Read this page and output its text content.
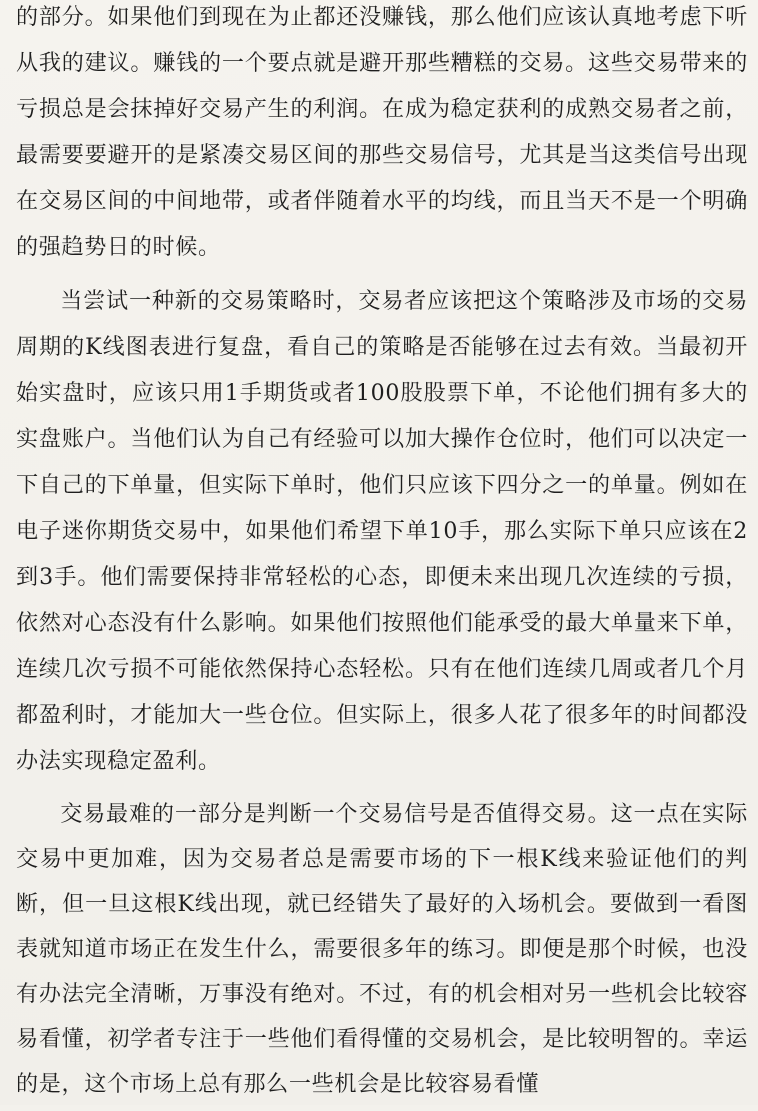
的部分。如果他们到现在为止都还没赚钱，那么他们应该认真地考虑下听从我的建议。赚钱的一个要点就是避开那些糟糕的交易。这些交易带来的亏损总是会抹掉好交易产生的利润。在成为稳定获利的成熟交易者之前，最需要要避开的是紧凑交易区间的那些交易信号，尤其是当这类信号出现在交易区间的中间地带，或者伴随着水平的均线，而且当天不是一个明确的强趋势日的时候。

当尝试一种新的交易策略时，交易者应该把这个策略涉及市场的交易周期的K线图表进行复盘，看自己的策略是否能够在过去有效。当最初开始实盘时，应该只用1手期货或者100股股票下单，不论他们拥有多大的实盘账户。当他们认为自己有经验可以加大操作仓位时，他们可以决定一下自己的下单量，但实际下单时，他们只应该下四分之一的单量。例如在电子迷你期货交易中，如果他们希望下单10手，那么实际下单只应该在2到3手。他们需要保持非常轻松的心态，即便未来出现几次连续的亏损，依然对心态没有什么影响。如果他们按照他们能承受的最大单量来下单，连续几次亏损不可能依然保持心态轻松。只有在他们连续几周或者几个月都盈利时，才能加大一些仓位。但实际上，很多人花了很多年的时间都没办法实现稳定盈利。

交易最难的一部分是判断一个交易信号是否值得交易。这一点在实际交易中更加难，因为交易者总是需要市场的下一根K线来验证他们的判断，但一旦这根K线出现，就已经错失了最好的入场机会。要做到一看图表就知道市场正在发生什么，需要很多年的练习。即便是那个时候，也没有办法完全清晰，万事没有绝对。不过，有的机会相对另一些机会比较容易看懂，初学者专注于一些他们看得懂的交易机会，是比较明智的。幸运的是，这个市场上总有那么一些机会是比较容易看懂
